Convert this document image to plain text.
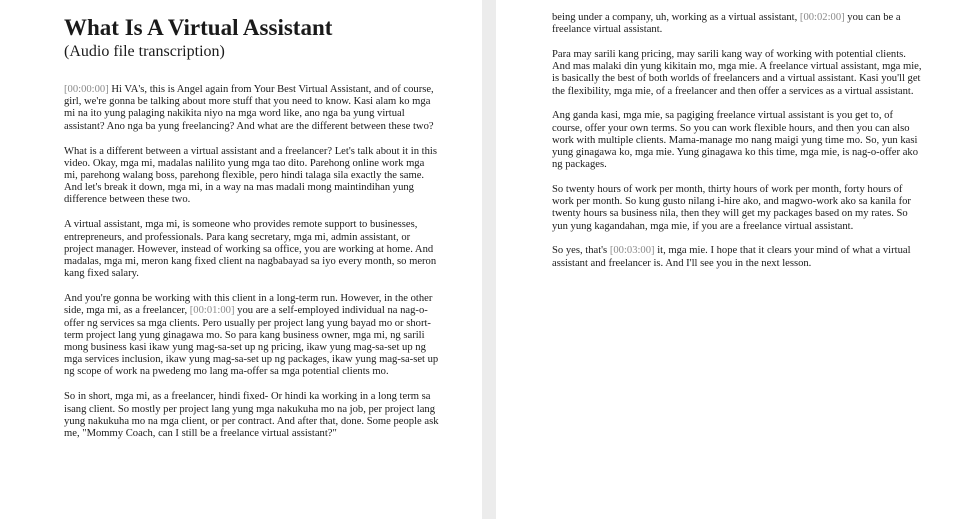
What Is A Virtual Assistant
(Audio file transcription)

[00:00:00] Hi VA's, this is Angel again from Your Best Virtual Assistant, and of course, girl, we're gonna be talking about more stuff that you need to know. Kasi alam ko mga mi na ito yung palaging nakikita niyo na mga word like, ano nga ba yung virtual assistant? Ano nga ba yung freelancing? And what are the different between these two?

What is a different between a virtual assistant and a freelancer? Let's talk about it in this video. Okay, mga mi, madalas nalilito yung mga tao dito. Parehong online work mga mi, parehong walang boss, parehong flexible, pero hindi talaga sila exactly the same. And let's break it down, mga mi, in a way na mas madali mong maintindihan yung difference between these two.

A virtual assistant, mga mi, is someone who provides remote support to businesses, entrepreneurs, and professionals. Para kang secretary, mga mi, admin assistant, or project manager. However, instead of working sa office, you are working at home. And madalas, mga mi, meron kang fixed client na nagbabayad sa iyo every month, so meron kang fixed salary.

And you're gonna be working with this client in a long-term run. However, in the other side, mga mi, as a freelancer, [00:01:00] you are a self-employed individual na nag-o-offer ng services sa mga clients. Pero usually per project lang yung bayad mo or short-term project lang yung ginagawa mo. So para kang business owner, mga mi, ng sarili mong business kasi ikaw yung mag-sa-set up ng pricing, ikaw yung mag-sa-set up ng mga services inclusion, ikaw yung mag-sa-set up ng packages, ikaw yung mag-sa-set up ng scope of work na pwedeng mo lang ma-offer sa mga potential clients mo.

So in short, mga mi, as a freelancer, hindi fixed- Or hindi ka working in a long term sa isang client. So mostly per project lang yung mga nakukuha mo na job, per project lang yung nakukuha mo na mga client, or per contract. And after that, done. Some people ask me, "Mommy Coach, can I still be a freelance virtual assistant?"

being under a company, uh, working as a virtual assistant, [00:02:00] you can be a freelance virtual assistant.

Para may sarili kang pricing, may sarili kang way of working with potential clients. And mas malaki din yung kikitain mo, mga mie. A freelance virtual assistant, mga mie, is basically the best of both worlds of freelancers and a virtual assistant. Kasi you'll get the flexibility, mga mie, of a freelancer and then offer a services as a virtual assistant.

Ang ganda kasi, mga mie, sa pagiging freelance virtual assistant is you get to, of course, offer your own terms. So you can work flexible hours, and then you can also work with multiple clients. Mama-manage mo nang maigi yung time mo. So, yun kasi yung ginagawa ko, mga mie. Yung ginagawa ko this time, mga mie, is nag-o-offer ako ng packages.

So twenty hours of work per month, thirty hours of work per month, forty hours of work per month. So kung gusto nilang i-hire ako, and magwo-work ako sa kanila for twenty hours sa business nila, then they will get my packages based on my rates. So yun yung kagandahan, mga mie, if you are a freelance virtual assistant.

So yes, that's [00:03:00] it, mga mie. I hope that it clears your mind of what a virtual assistant and freelancer is. And I'll see you in the next lesson.
